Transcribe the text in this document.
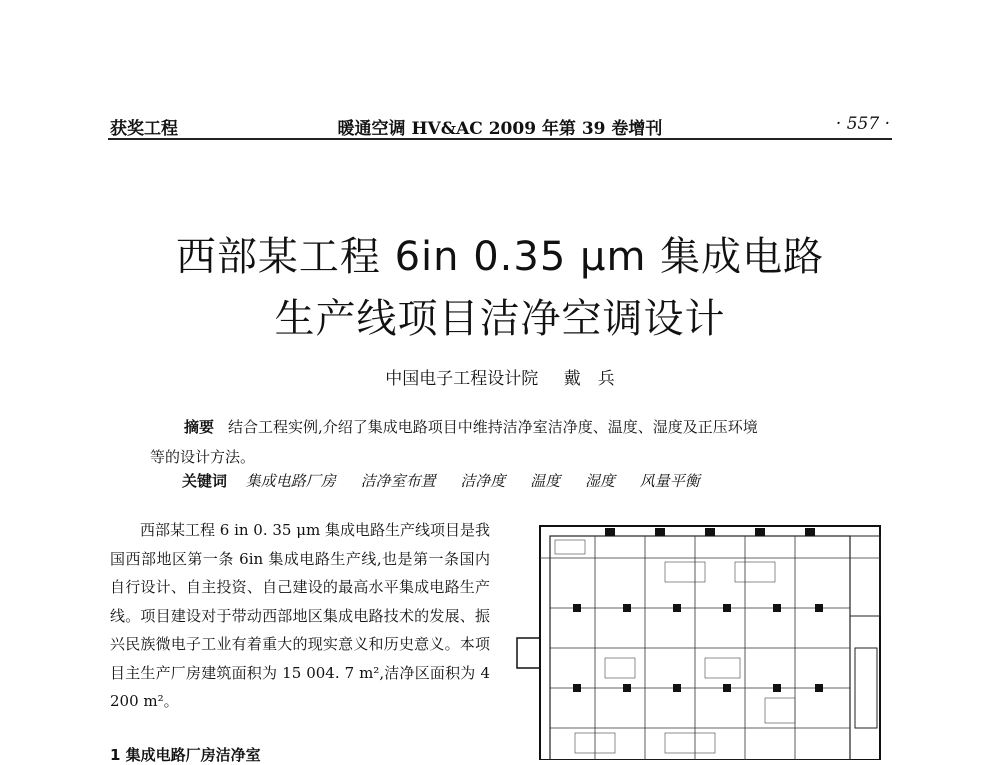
获奖工程	暖通空调 HV&AC 2009 年第 39 卷增刊	· 557 ·
西部某工程 6in 0.35 μm 集成电路
生产线项目洁净空调设计
中国电子工程设计院 戴　兵
摘要 结合工程实例,介绍了集成电路项目中维持洁净室洁净度、温度、湿度及正压环境
等的设计方法。
关键词 集成电路厂房 洁净室布置 洁净度 温度 湿度 风量平衡

西部某工程 6 in 0. 35 μm 集成电路生产线项目是我国西部地区第一条 6in 集成电路生产线,也是第一条国内自行设计、自主投资、自己建设的最高水平集成电路生产线。项目建设对于带动西部地区集成电路技术的发展、振兴民族微电子工业有着重大的现实意义和历史意义。本项目主生产厂房建筑面积为 15 004. 7 m²,洁净区面积为 4 200 m²。

1 集成电路厂房洁净室
